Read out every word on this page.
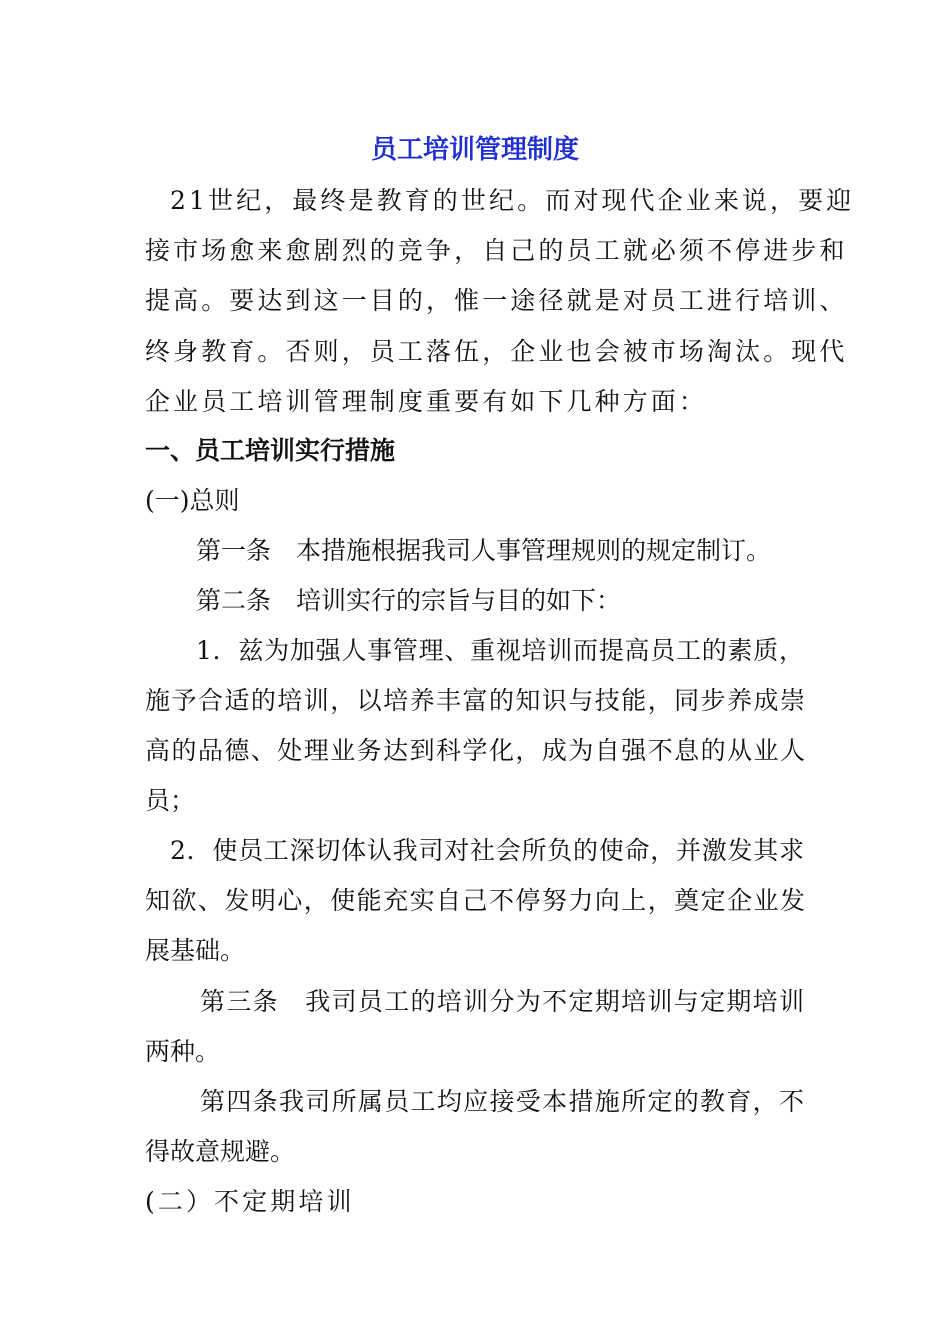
员工培训管理制度
21世纪，最终是教育的世纪。而对现代企业来说，要迎
接市场愈来愈剧烈的竞争，自己的员工就必须不停进步和
提高。要达到这一目的，惟一途径就是对员工进行培训、
终身教育。否则，员工落伍，企业也会被市场淘汰。现代
企业员工培训管理制度重要有如下几种方面：
一、员工培训实行措施
(一)总则
第一条　本措施根据我司人事管理规则的规定制订。
第二条　培训实行的宗旨与目的如下：
1．兹为加强人事管理、重视培训而提高员工的素质，
施予合适的培训，以培养丰富的知识与技能，同步养成崇
高的品德、处理业务达到科学化，成为自强不息的从业人
员；
2．使员工深切体认我司对社会所负的使命，并激发其求
知欲、发明心，使能充实自己不停努力向上，奠定企业发
展基础。
第三条　我司员工的培训分为不定期培训与定期培训
两种。
第四条我司所属员工均应接受本措施所定的教育，不
得故意规避。
(二）不定期培训
